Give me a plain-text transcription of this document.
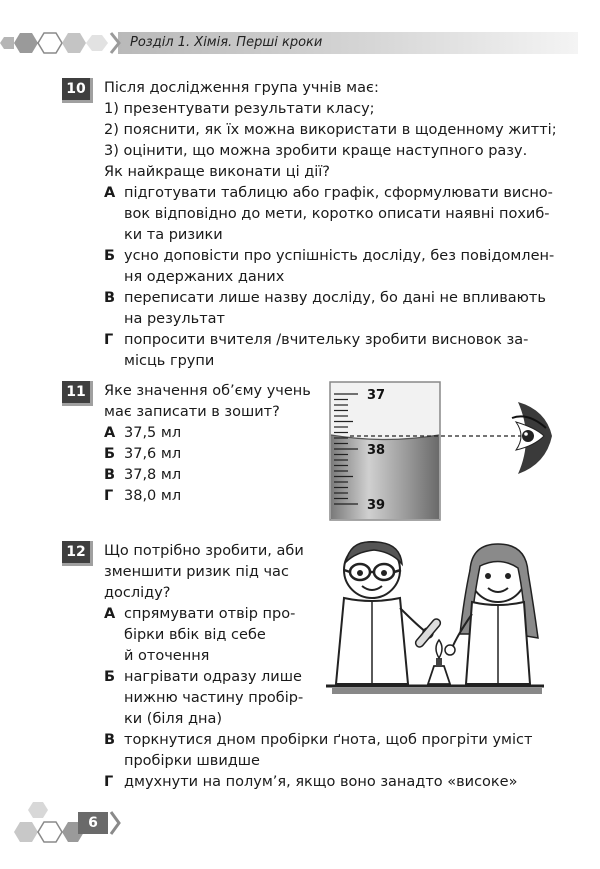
Розділ 1. Хімія. Перші кроки
10	Після дослідження група учнів має:
1) презентувати результати класу;
2) пояснити, як їх можна використати в щоденному житті;
3) оцінити, що можна зробити краще наступного разу.
Як найкраще виконати ці дії?
А підготувати таблицю або графік, сформулювати висно-
вок відповідно до мети, коротко описати наявні похиб-
ки та ризики
Б усно доповісти про успішність досліду, без повідомлен-
ня одержаних даних
В переписати лише назву досліду, бо дані не впливають
на результат
Г попросити вчителя /вчительку зробити висновок за-
місць групи
11	Яке значення об’єму учень
має записати в зошит?
А 37,5 мл
Б 37,6 мл
В 37,8 мл
Г 38,0 мл
37
38
39
12	Що потрібно зробити, аби
зменшити ризик під час
досліду?
А спрямувати отвір про-
бірки вбік від себе
й оточення
Б нагрівати одразу лише
нижню частину пробір-
ки (біля дна)
В торкнутися дном пробірки ґнота, щоб прогріти уміст
пробірки швидше
Г дмухнути на полум’я, якщо воно занадто «високе»
6
